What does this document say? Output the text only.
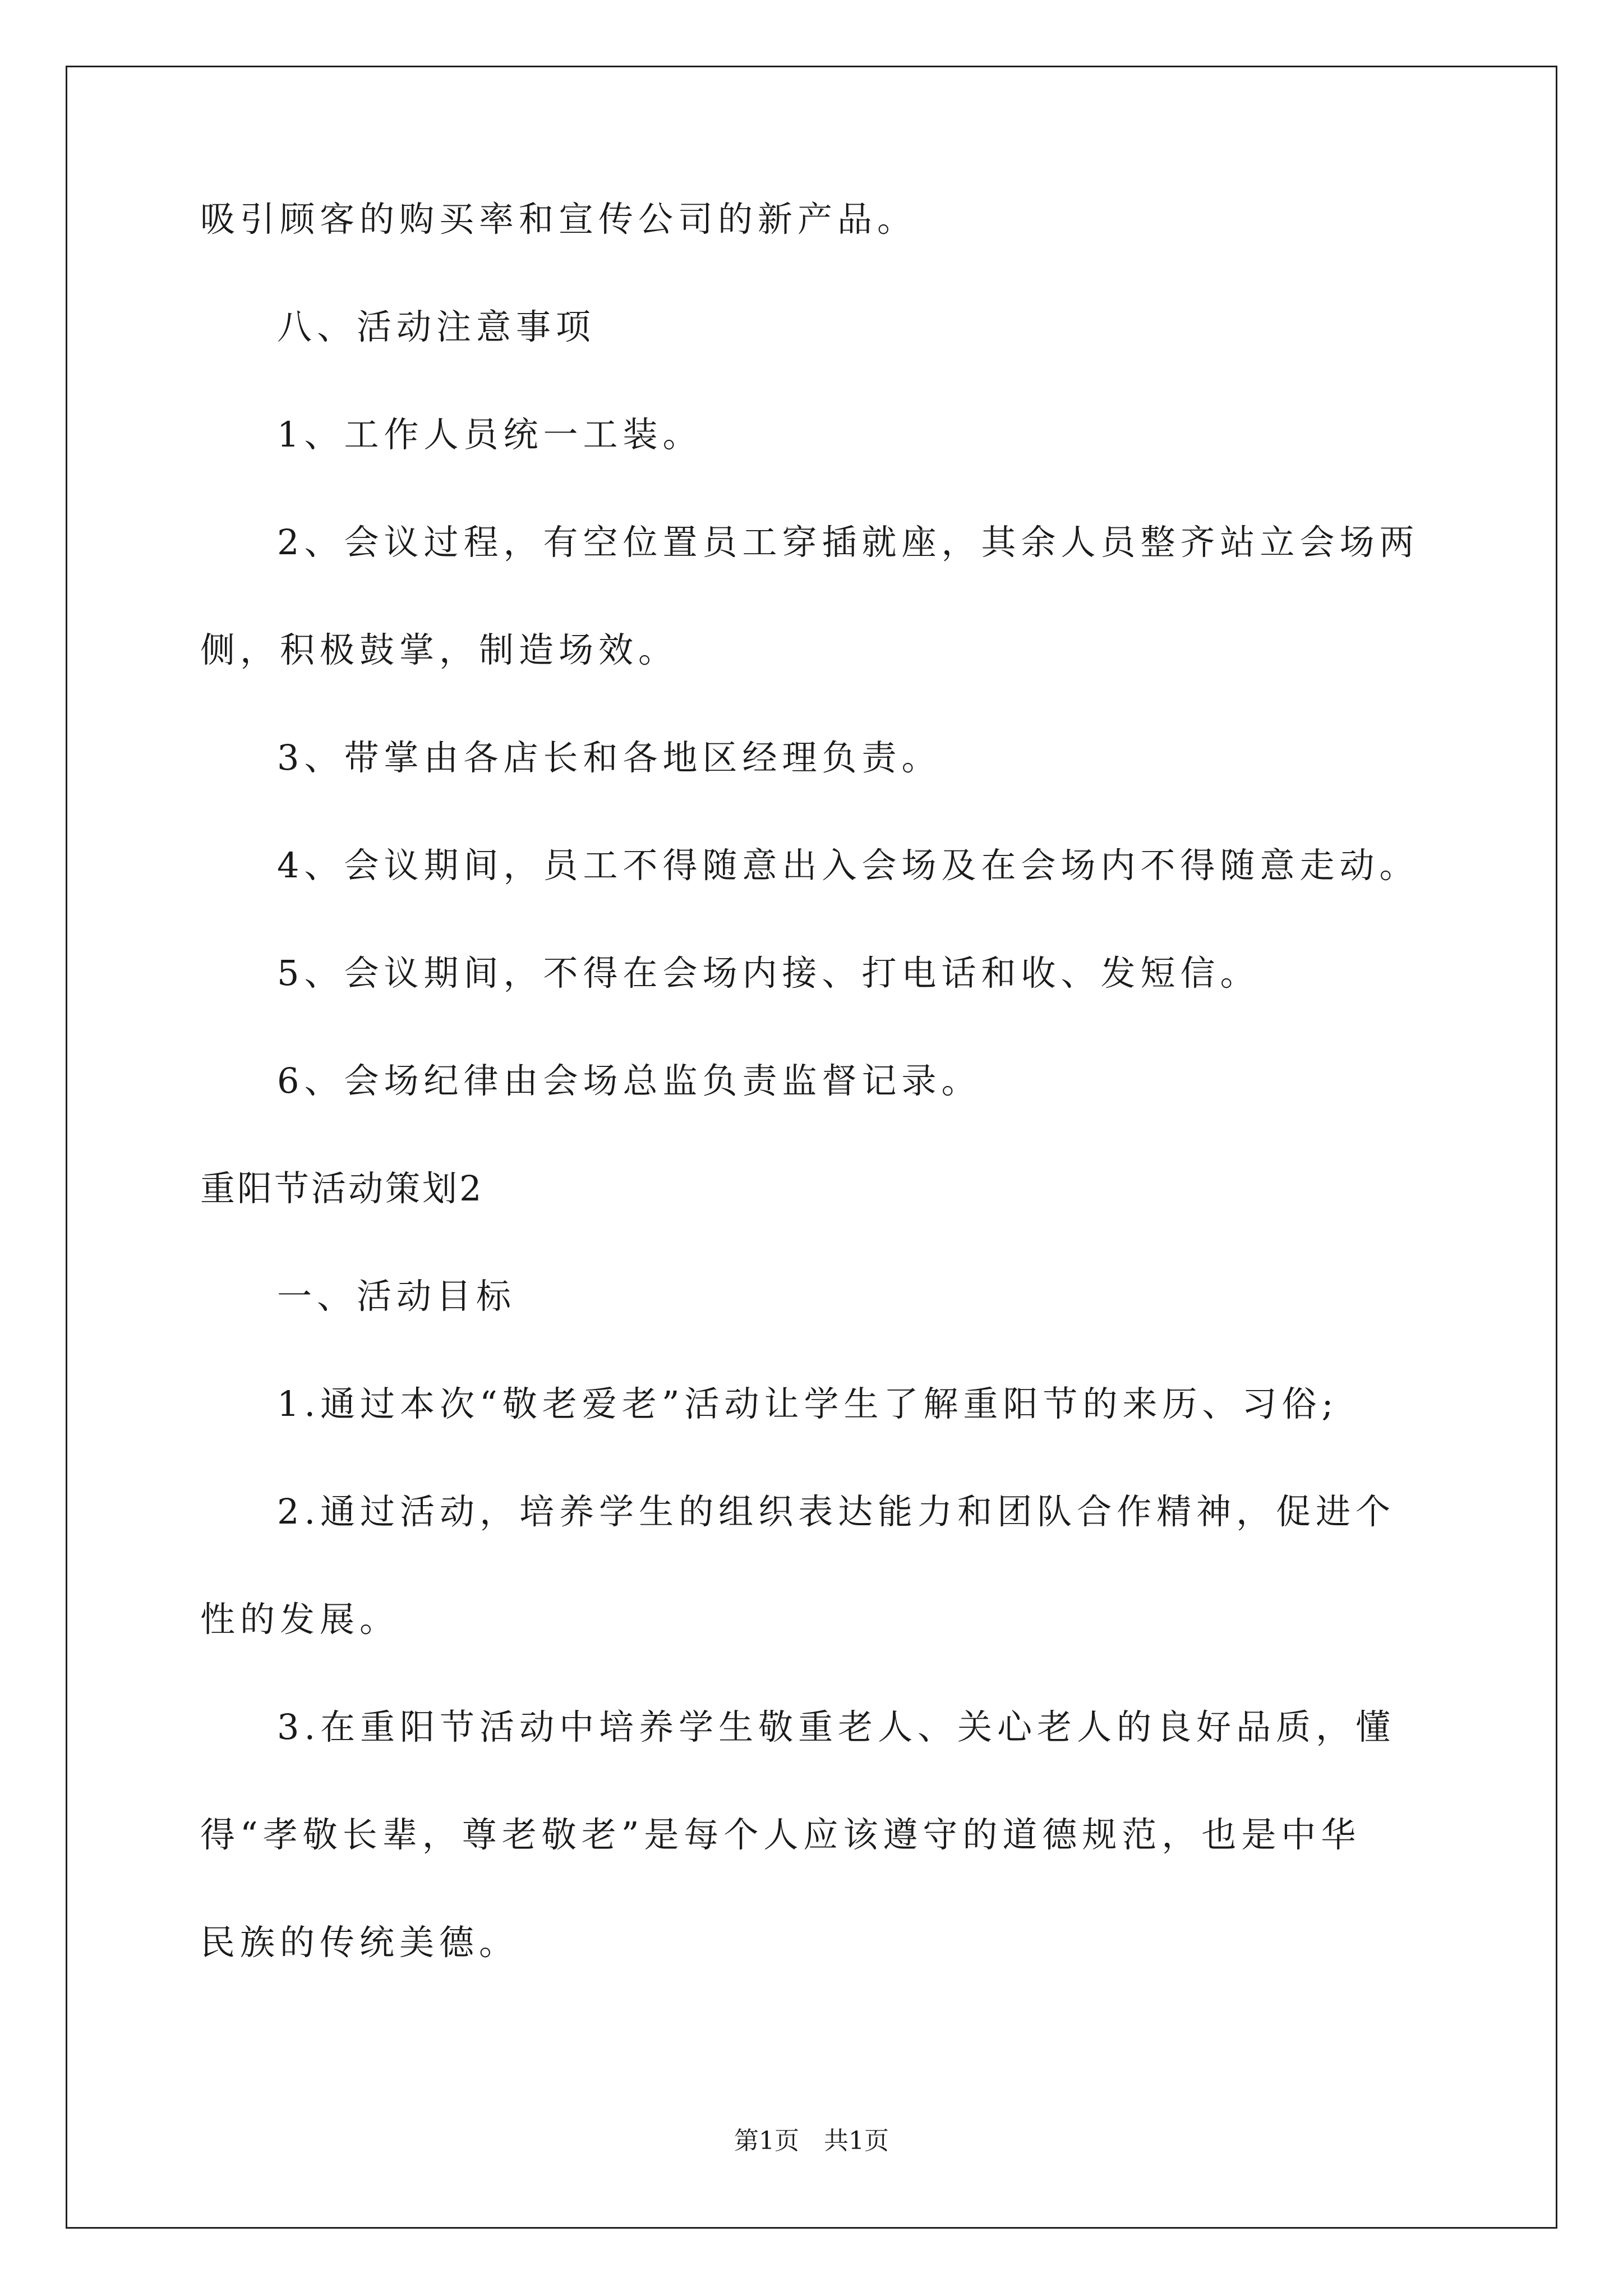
吸引顾客的购买率和宣传公司的新产品。

八、活动注意事项

1、工作人员统一工装。

2、会议过程，有空位置员工穿插就座，其余人员整齐站立会场两

侧，积极鼓掌，制造场效。

3、带掌由各店长和各地区经理负责。

4、会议期间，员工不得随意出入会场及在会场内不得随意走动。

5、会议期间，不得在会场内接、打电话和收、发短信。

6、会场纪律由会场总监负责监督记录。

重阳节活动策划2

一、活动目标

1.通过本次“敬老爱老”活动让学生了解重阳节的来历、习俗;

2.通过活动，培养学生的组织表达能力和团队合作精神，促进个

性的发展。

3.在重阳节活动中培养学生敬重老人、关心老人的良好品质，懂

得“孝敬长辈，尊老敬老”是每个人应该遵守的道德规范，也是中华

民族的传统美德。

第1页　共1页
